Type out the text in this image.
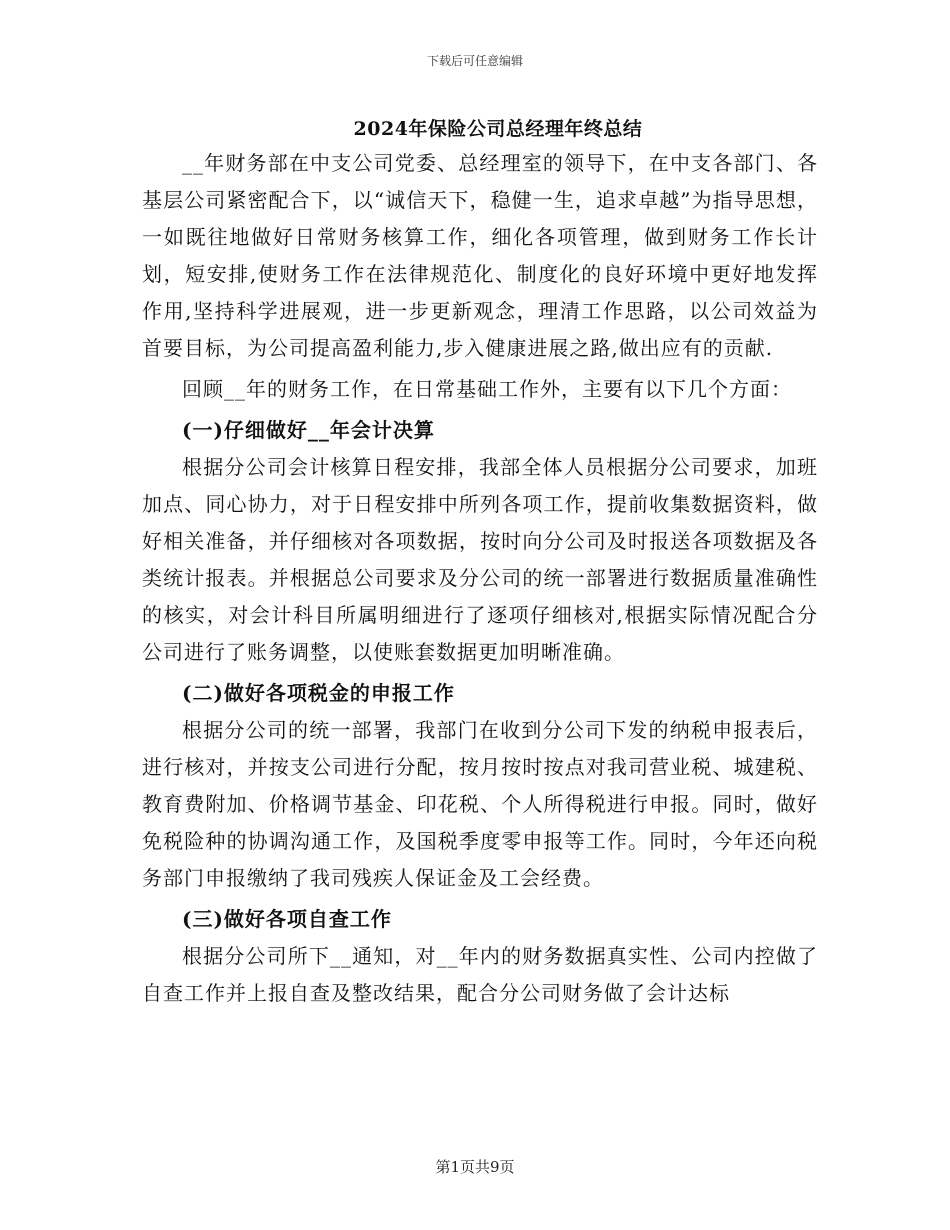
下载后可任意编辑
2024年保险公司总经理年终总结

__年财务部在中支公司党委、总经理室的领导下，在中支各部门、各基层公司紧密配合下，以“诚信天下，稳健一生，追求卓越”为指导思想，一如既往地做好日常财务核算工作，细化各项管理，做到财务工作长计划，短安排,使财务工作在法律规范化、制度化的良好环境中更好地发挥作用,坚持科学进展观，进一步更新观念，理清工作思路，以公司效益为首要目标，为公司提高盈利能力,步入健康进展之路,做出应有的贡献.

回顾__年的财务工作，在日常基础工作外，主要有以下几个方面：

(一)仔细做好__年会计决算

根据分公司会计核算日程安排，我部全体人员根据分公司要求，加班加点、同心协力，对于日程安排中所列各项工作，提前收集数据资料，做好相关准备，并仔细核对各项数据，按时向分公司及时报送各项数据及各类统计报表。并根据总公司要求及分公司的统一部署进行数据质量准确性的核实，对会计科目所属明细进行了逐项仔细核对,根据实际情况配合分公司进行了账务调整，以使账套数据更加明晰准确。

(二)做好各项税金的申报工作

根据分公司的统一部署，我部门在收到分公司下发的纳税申报表后，进行核对，并按支公司进行分配，按月按时按点对我司营业税、城建税、教育费附加、价格调节基金、印花税、个人所得税进行申报。同时，做好免税险种的协调沟通工作，及国税季度零申报等工作。同时，今年还向税务部门申报缴纳了我司残疾人保证金及工会经费。

(三)做好各项自查工作

根据分公司所下__通知，对__年内的财务数据真实性、公司内控做了自查工作并上报自查及整改结果，配合分公司财务做了会计达标

第1页共9页
